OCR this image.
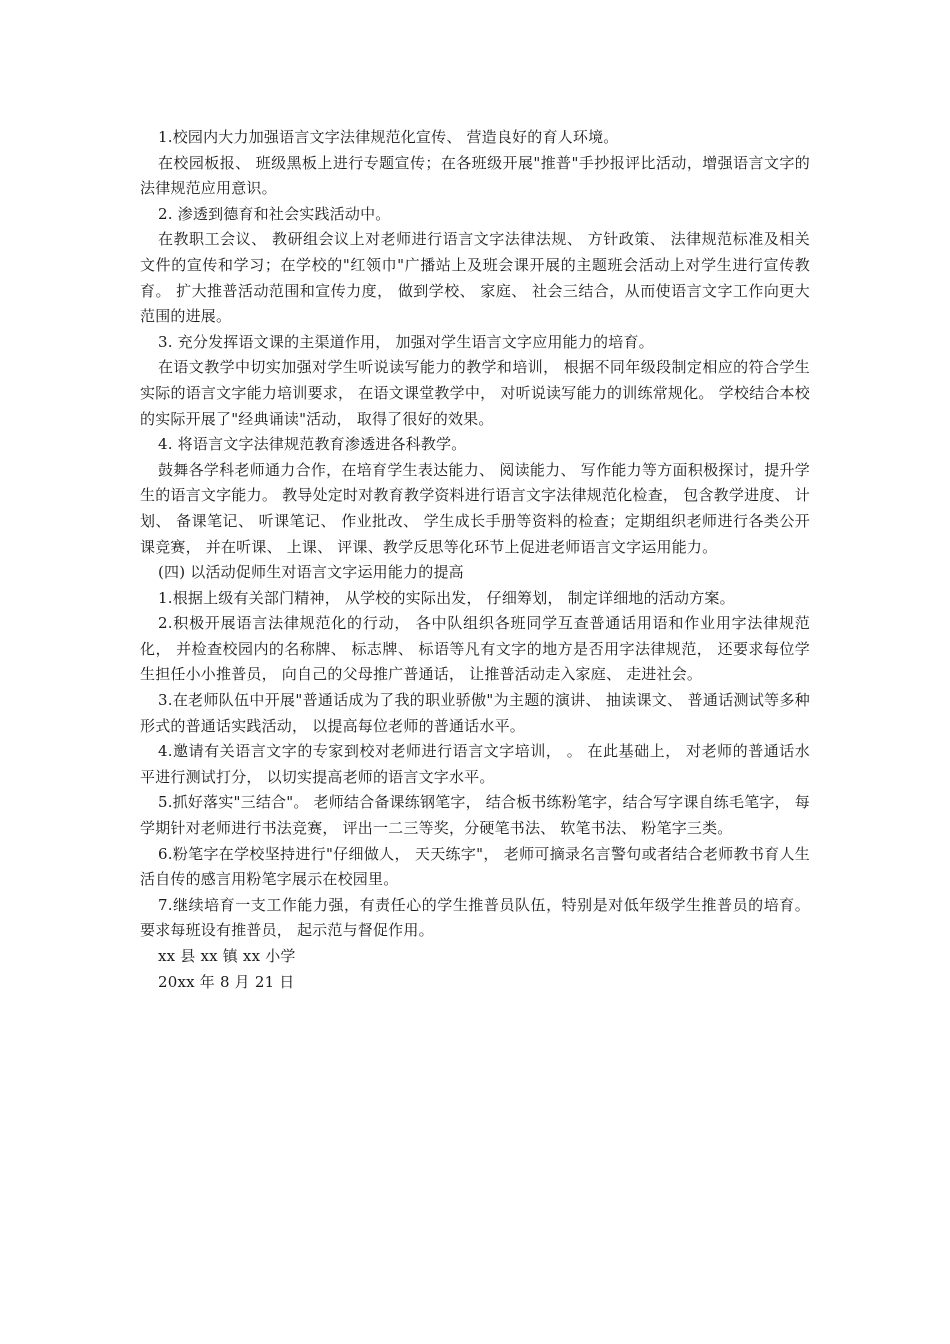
1.校园内大力加强语言文字法律规范化宣传、 营造良好的育人环境。

在校园板报、 班级黑板上进行专题宣传；在各班级开展"推普"手抄报评比活动，增强语言文字的法律规范应用意识。

2. 渗透到德育和社会实践活动中。

在教职工会议、 教研组会议上对老师进行语言文字法律法规、 方针政策、 法律规范标准及相关文件的宣传和学习；在学校的"红领巾"广播站上及班会课开展的主题班会活动上对学生进行宣传教育。 扩大推普活动范围和宣传力度， 做到学校、 家庭、 社会三结合，从而使语言文字工作向更大范围的进展。

3. 充分发挥语文课的主渠道作用， 加强对学生语言文字应用能力的培育。

在语文教学中切实加强对学生听说读写能力的教学和培训， 根据不同年级段制定相应的符合学生实际的语言文字能力培训要求， 在语文课堂教学中， 对听说读写能力的训练常规化。 学校结合本校的实际开展了"经典诵读"活动， 取得了很好的效果。

4. 将语言文字法律规范教育渗透进各科教学。

鼓舞各学科老师通力合作，在培育学生表达能力、 阅读能力、 写作能力等方面积极探讨，提升学生的语言文字能力。 教导处定时对教育教学资料进行语言文字法律规范化检查， 包含教学进度、 计划、 备课笔记、 听课笔记、 作业批改、 学生成长手册等资料的检查；定期组织老师进行各类公开课竞赛， 并在听课、 上课、 评课、教学反思等化环节上促进老师语言文字运用能力。

(四) 以活动促师生对语言文字运用能力的提高

1.根据上级有关部门精神， 从学校的实际出发， 仔细筹划， 制定详细地的活动方案。

2.积极开展语言法律规范化的行动， 各中队组织各班同学互查普通话用语和作业用字法律规范化， 并检查校园内的名称牌、 标志牌、 标语等凡有文字的地方是否用字法律规范， 还要求每位学生担任小小推普员， 向自己的父母推广普通话， 让推普活动走入家庭、 走进社会。

3.在老师队伍中开展"普通话成为了我的职业骄傲"为主题的演讲、 抽读课文、 普通话测试等多种形式的普通话实践活动， 以提高每位老师的普通话水平。

4.邀请有关语言文字的专家到校对老师进行语言文字培训， 。 在此基础上， 对老师的普通话水平进行测试打分， 以切实提高老师的语言文字水平。

5.抓好落实"三结合"。 老师结合备课练钢笔字， 结合板书练粉笔字，结合写字课自练毛笔字， 每学期针对老师进行书法竞赛， 评出一二三等奖，分硬笔书法、 软笔书法、 粉笔字三类。

6.粉笔字在学校坚持进行"仔细做人， 天天练字"， 老师可摘录名言警句或者结合老师教书育人生活自传的感言用粉笔字展示在校园里。

7.继续培育一支工作能力强，有责任心的学生推普员队伍，特别是对低年级学生推普员的培育。 要求每班设有推普员， 起示范与督促作用。

xx 县 xx 镇 xx 小学

20xx 年 8 月 21 日
